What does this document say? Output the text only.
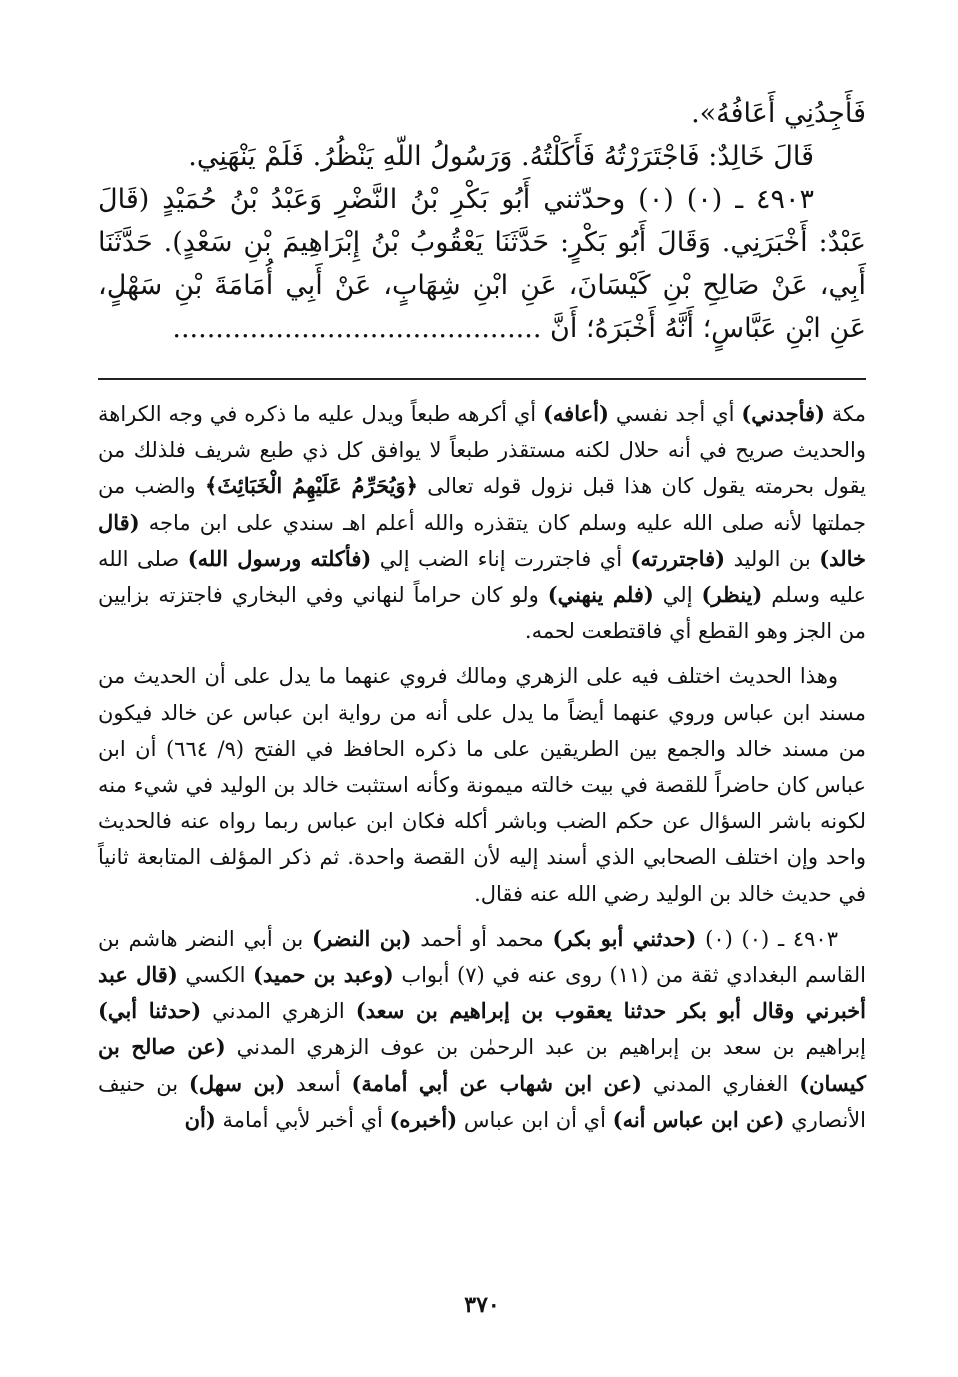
فَأَجِدُنِي أَعَافُهُ».

قَالَ خَالِدٌ: فَاجْتَرَرْتُهُ فَأَكَلْتُهُ. وَرَسُولُ اللّهِ يَنْظُرُ. فَلَمْ يَنْهَنِي.

٤٩٠٣ ـ (٠) (٠) وحدّثني أَبُو بَكْرِ بْنُ النَّضْرِ وَعَبْدُ بْنُ حُمَيْدٍ (قَالَ عَبْدٌ: أَخْبَرَنِي. وَقَالَ أَبُو بَكْرٍ: حَدَّثَنَا يَعْقُوبُ بْنُ إِبْرَاهِيمَ بْنِ سَعْدٍ). حَدَّثَنَا أَبِي، عَنْ صَالِحِ بْنِ كَيْسَانَ، عَنِ ابْنِ شِهَابٍ، عَنْ أَبِي أُمَامَةَ بْنِ سَهْلٍ، عَنِ ابْنِ عَبَّاسٍ؛ أَنَّهُ أَخْبَرَهُ؛ أَنَّ ...........................................

مكة (فأجدني) أي أجد نفسي (أعافه) أي أكرهه طبعاً ويدل عليه ما ذكره في وجه الكراهة والحديث صريح في أنه حلال لكنه مستقذر طبعاً لا يوافق كل ذي طبع شريف فلذلك من يقول بحرمته يقول كان هذا قبل نزول قوله تعالى ﴿وَيُحَرِّمُ عَلَيْهِمُ الْخَبَائِثَ﴾ والضب من جملتها لأنه صلى الله عليه وسلم كان يتقذره والله أعلم اهـ سندي على ابن ماجه (قال خالد) بن الوليد (فاجتررته) أي فاجتررت إناء الضب إلي (فأكلته ورسول الله) صلى الله عليه وسلم (ينظر) إلي (فلم ينهني) ولو كان حراماً لنهاني وفي البخاري فاجتزته بزايين من الجز وهو القطع أي فاقتطعت لحمه.

وهذا الحديث اختلف فيه على الزهري ومالك فروي عنهما ما يدل على أن الحديث من مسند ابن عباس وروي عنهما أيضاً ما يدل على أنه من رواية ابن عباس عن خالد فيكون من مسند خالد والجمع بين الطريقين على ما ذكره الحافظ في الفتح (٩/ ٦٦٤) أن ابن عباس كان حاضراً للقصة في بيت خالته ميمونة وكأنه استثبت خالد بن الوليد في شيء منه لكونه باشر السؤال عن حكم الضب وباشر أكله فكان ابن عباس ربما رواه عنه فالحديث واحد وإن اختلف الصحابي الذي أسند إليه لأن القصة واحدة. ثم ذكر المؤلف المتابعة ثانياً في حديث خالد بن الوليد رضي الله عنه فقال.

٤٩٠٣ ـ (٠) (٠) (حدثني أبو بكر) محمد أو أحمد (بن النضر) بن أبي النضر هاشم بن القاسم البغدادي ثقة من (١١) روى عنه في (٧) أبواب (وعبد بن حميد) الكسي (قال عبد أخبرني وقال أبو بكر حدثنا يعقوب بن إبراهيم بن سعد) الزهري المدني (حدثنا أبي) إبراهيم بن سعد بن إبراهيم بن عبد الرحمٰن بن عوف الزهري المدني (عن صالح بن كيسان) الغفاري المدني (عن ابن شهاب عن أبي أمامة) أسعد (بن سهل) بن حنيف الأنصاري (عن ابن عباس أنه) أي أن ابن عباس (أخبره) أي أخبر لأبي أمامة (أن

٣٧٠
